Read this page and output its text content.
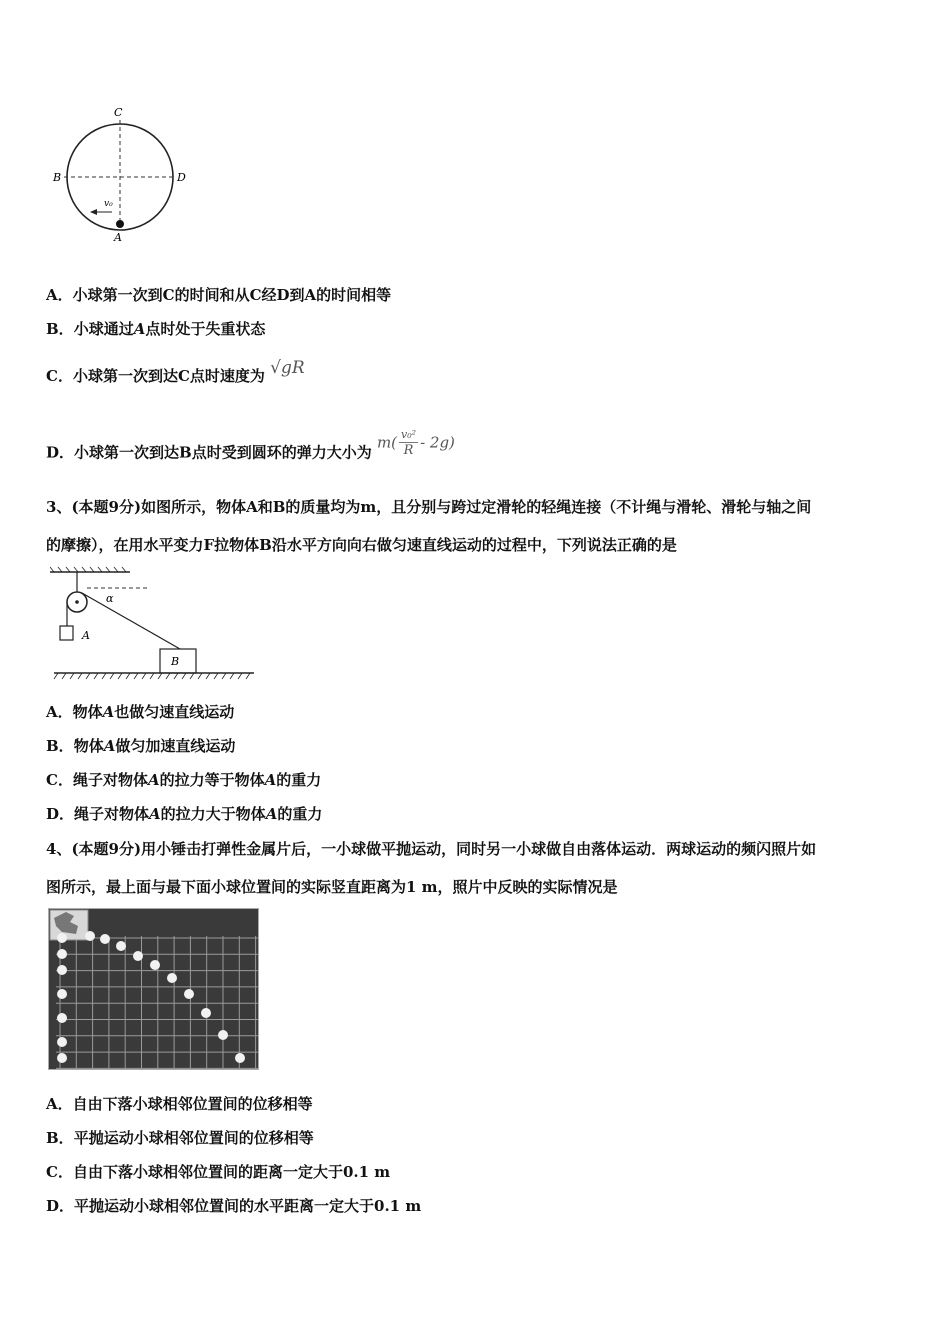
C
B	D
A
v₀
A．小球第一次到C的时间和从C经D到A的时间相等
B．小球通过A点时处于失重状态
C．小球第一次到达C点时速度为 √gR
D．小球第一次到达B点时受到圆环的弹力大小为 m( v₀²
R - 2g)
3、(本题9分)如图所示，物体A和B的质量均为m，且分别与跨过定滑轮的轻绳连接（不计绳与滑轮、滑轮与轴之间
的摩擦），在用水平变力F拉物体B沿水平方向向右做匀速直线运动的过程中，下列说法正确的是
A
α
B
A．物体A也做匀速直线运动
B．物体A做匀加速直线运动
C．绳子对物体A的拉力等于物体A的重力
D．绳子对物体A的拉力大于物体A的重力
4、(本题9分)用小锤击打弹性金属片后，一小球做平抛运动，同时另一小球做自由落体运动．两球运动的频闪照片如
图所示，最上面与最下面小球位置间的实际竖直距离为1 m，照片中反映的实际情况是
A．自由下落小球相邻位置间的位移相等
B．平抛运动小球相邻位置间的位移相等
C．自由下落小球相邻位置间的距离一定大于0.1 m
D．平抛运动小球相邻位置间的水平距离一定大于0.1 m
